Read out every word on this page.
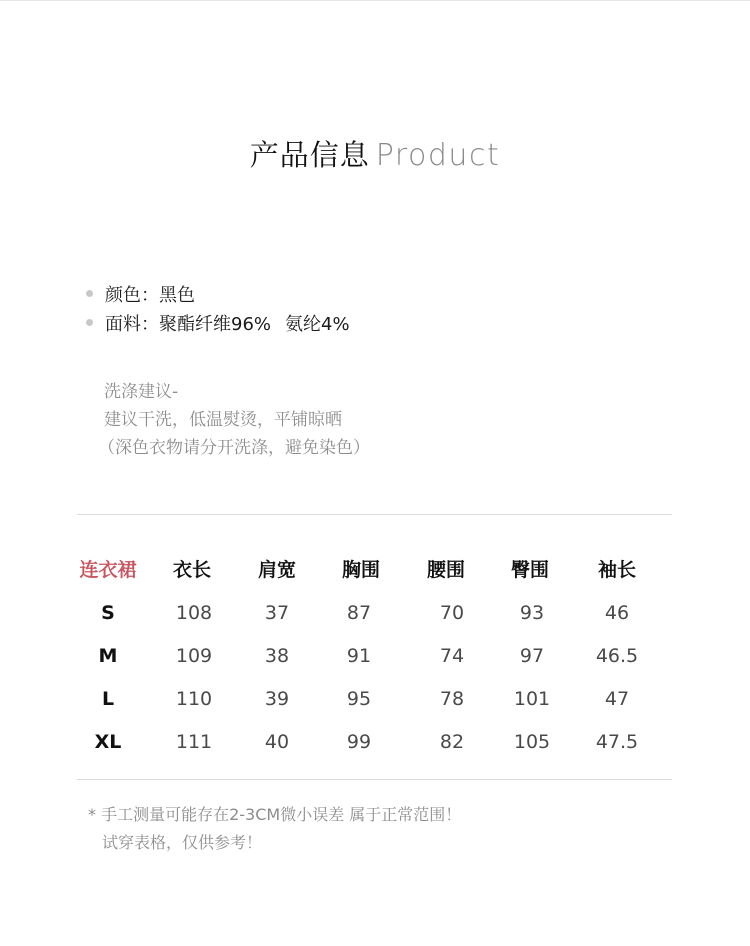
产品信息 Product
颜色： 黑色
面料： 聚酯纤维96% 氨纶4%
洗涤建议-
建议干洗，低温熨烫，平铺晾晒
（深色衣物请分开洗涤，避免染色）
连衣裙	衣长	肩宽	胸围	腰围	臀围	袖长
S	108	37	87	70	93	46
M	109	38	91	74	97	46.5
L	110	39	95	78	101	47
XL	111	40	99	82	105	47.5
* 手工测量可能存在2-3CM微小误差 属于正常范围！
试穿表格，仅供参考！
